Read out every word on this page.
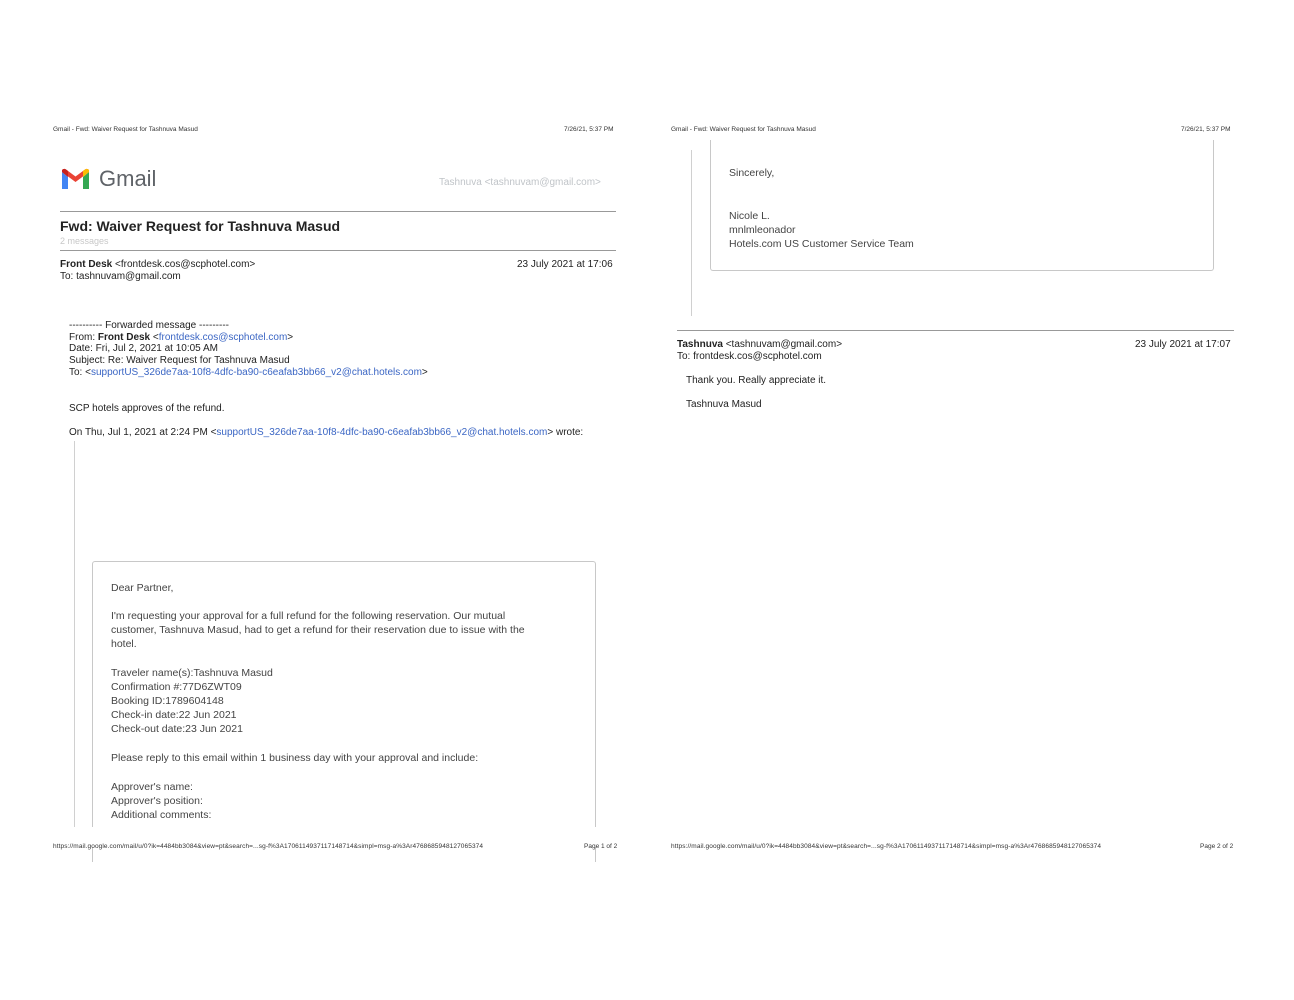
Gmail - Fwd: Waiver Request for Tashnuva Masud	7/26/21, 5:37 PM
Gmail	Tashnuva <tashnuvam@gmail.com>
Fwd: Waiver Request for Tashnuva Masud
2 messages
Front Desk <frontdesk.cos@scphotel.com>	23 July 2021 at 17:06
To: tashnuvam@gmail.com
---------- Forwarded message ---------
From: Front Desk <frontdesk.cos@scphotel.com>
Date: Fri, Jul 2, 2021 at 10:05 AM
Subject: Re: Waiver Request for Tashnuva Masud
To: <supportUS_326de7aa-10f8-4dfc-ba90-c6eafab3bb66_v2@chat.hotels.com>
SCP hotels approves of the refund.
On Thu, Jul 1, 2021 at 2:24 PM <supportUS_326de7aa-10f8-4dfc-ba90-c6eafab3bb66_v2@chat.hotels.com> wrote:
Dear Partner,
I'm requesting your approval for a full refund for the following reservation. Our mutual
customer, Tashnuva Masud, had to get a refund for their reservation due to issue with the
hotel.
Traveler name(s):Tashnuva Masud
Confirmation #:77D6ZWT09
Booking ID:1789604148
Check-in date:22 Jun 2021
Check-out date:23 Jun 2021
Please reply to this email within 1 business day with your approval and include:
Approver's name:
Approver's position:
Additional comments:
https://mail.google.com/mail/u/0?ik=4484bb3084&view=pt&search=...sg-f%3A1706114937117148714&simpl=msg-a%3Ar4768685948127065374	Page 1 of 2
Gmail - Fwd: Waiver Request for Tashnuva Masud	7/26/21, 5:37 PM
Sincerely,
Nicole L.
mnlmleonador
Hotels.com US Customer Service Team
Tashnuva <tashnuvam@gmail.com>	23 July 2021 at 17:07
To: frontdesk.cos@scphotel.com
Thank you. Really appreciate it.
Tashnuva Masud
https://mail.google.com/mail/u/0?ik=4484bb3084&view=pt&search=...sg-f%3A1706114937117148714&simpl=msg-a%3Ar4768685948127065374	Page 2 of 2
